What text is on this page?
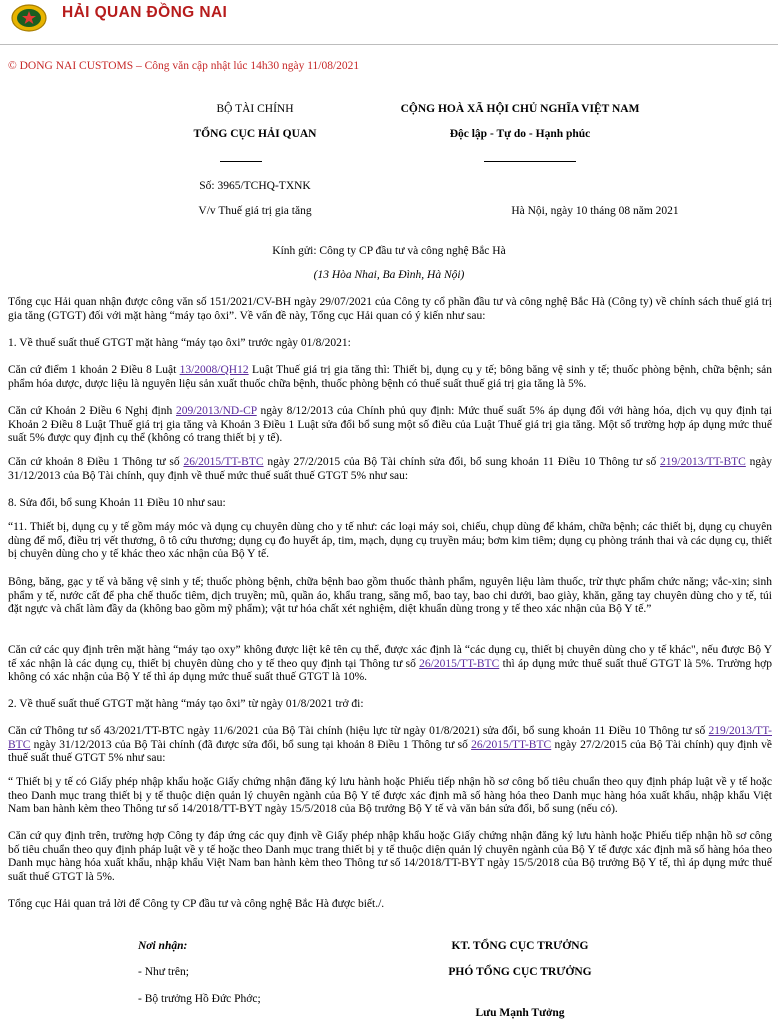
HẢI QUAN ĐỒNG NAI
© DONG NAI CUSTOMS – Công văn cập nhật lúc 14h30 ngày 11/08/2021
BỘ TÀI CHÍNH
TỔNG CỤC HẢI QUAN
Số: 3965/TCHQ-TXNK
V/v Thuế giá trị gia tăng
CỘNG HOÀ XÃ HỘI CHỦ NGHĨA VIỆT NAM
Độc lập - Tự do - Hạnh phúc
Hà Nội, ngày 10 tháng 08 năm 2021
Kính gửi: Công ty CP đầu tư và công nghệ Bắc Hà
(13 Hòa Nhai, Ba Đình, Hà Nội)
Tổng cục Hải quan nhận được công văn số 151/2021/CV-BH ngày 29/07/2021 của Công ty cổ phần đầu tư và công nghệ Bắc Hà (Công ty) về chính sách thuế giá trị gia tăng (GTGT) đối với mặt hàng “máy tạo ôxi”. Về vấn đề này, Tổng cục Hải quan có ý kiến như sau:
1. Về thuế suất thuế GTGT mặt hàng “máy tạo ôxi” trước ngày 01/8/2021:
Căn cứ điểm 1 khoản 2 Điều 8 Luật 13/2008/QH12 Luật Thuế giá trị gia tăng thì: Thiết bị, dụng cụ y tế; bông băng vệ sinh y tế; thuốc phòng bệnh, chữa bệnh; sản phẩm hóa dược, dược liệu là nguyên liệu sản xuất thuốc chữa bệnh, thuốc phòng bệnh có thuế suất thuế giá trị gia tăng là 5%.
Căn cứ Khoản 2 Điều 6 Nghị định 209/2013/ND-CP ngày 8/12/2013 của Chính phủ quy định: Mức thuế suất 5% áp dụng đối với hàng hóa, dịch vụ quy định tại Khoản 2 Điều 8 Luật Thuế giá trị gia tăng và Khoản 3 Điều 1 Luật sửa đổi bổ sung một số điều của Luật Thuế giá trị gia tăng. Một số trường hợp áp dụng mức thuế suất 5% được quy định cụ thể (không có trang thiết bị y tế).
Căn cứ khoản 8 Điều 1 Thông tư số 26/2015/TT-BTC ngày 27/2/2015 của Bộ Tài chính sửa đổi, bổ sung khoản 11 Điều 10 Thông tư số 219/2013/TT-BTC ngày 31/12/2013 của Bộ Tài chính, quy định về thuế mức thuế suất thuế GTGT 5% như sau:
8. Sửa đổi, bổ sung Khoản 11 Điều 10 như sau:
“11. Thiết bị, dụng cụ y tế gồm máy móc và dụng cụ chuyên dùng cho y tế như: các loại máy soi, chiếu, chụp dùng để khám, chữa bệnh; các thiết bị, dụng cụ chuyên dùng để mổ, điều trị vết thương, ô tô cứu thương; dụng cụ đo huyết áp, tim, mạch, dụng cụ truyền máu; bơm kim tiêm; dụng cụ phòng tránh thai và các dụng cụ, thiết bị chuyên dùng cho y tế khác theo xác nhận của Bộ Y tế.
Bông, băng, gạc y tế và băng vệ sinh y tế; thuốc phòng bệnh, chữa bệnh bao gồm thuốc thành phẩm, nguyên liệu làm thuốc, trừ thực phẩm chức năng; vắc-xin; sinh phẩm y tế, nước cất để pha chế thuốc tiêm, dịch truyền; mũ, quần áo, khẩu trang, săng mổ, bao tay, bao chi dưới, bao giày, khăn, găng tay chuyên dùng cho y tế, túi đặt ngực và chất làm đầy da (không bao gồm mỹ phẩm); vật tư hóa chất xét nghiệm, diệt khuẩn dùng trong y tế theo xác nhận của Bộ Y tế.”
Căn cứ các quy định trên mặt hàng “máy tạo oxy” không được liệt kê tên cụ thể, được xác định là “các dụng cụ, thiết bị chuyên dùng cho y tế khác", nếu được Bộ Y tế xác nhận là các dụng cụ, thiết bị chuyên dùng cho y tế theo quy định tại Thông tư số 26/2015/TT-BTC thì áp dụng mức thuế suất thuế GTGT là 5%. Trường hợp không có xác nhận của Bộ Y tế thì áp dụng mức thuế suất thuế GTGT là 10%.
2. Về thuế suất thuế GTGT mặt hàng “máy tạo ôxi” từ ngày 01/8/2021 trở đi:
Căn cứ Thông tư số 43/2021/TT-BTC ngày 11/6/2021 của Bộ Tài chính (hiệu lực từ ngày 01/8/2021) sửa đổi, bổ sung khoản 11 Điều 10 Thông tư số 219/2013/TT-BTC ngày 31/12/2013 của Bộ Tài chính (đã được sửa đổi, bổ sung tại khoản 8 Điều 1 Thông tư số 26/2015/TT-BTC ngày 27/2/2015 của Bộ Tài chính) quy định về thuế suất thuế GTGT 5% như sau:
“ Thiết bị y tế có Giấy phép nhập khẩu hoặc Giấy chứng nhận đăng ký lưu hành hoặc Phiếu tiếp nhận hồ sơ công bố tiêu chuẩn theo quy định pháp luật về y tế hoặc theo Danh mục trang thiết bị y tế thuộc diện quản lý chuyên ngành của Bộ Y tế được xác định mã số hàng hóa theo Danh mục hàng hóa xuất khẩu, nhập khẩu Việt Nam ban hành kèm theo Thông tư số 14/2018/TT-BYT ngày 15/5/2018 của Bộ trưởng Bộ Y tế và văn bản sửa đổi, bổ sung (nếu có).
Căn cứ quy định trên, trường hợp Công ty đáp ứng các quy định về Giấy phép nhập khẩu hoặc Giấy chứng nhận đăng ký lưu hành hoặc Phiếu tiếp nhận hồ sơ công bố tiêu chuẩn theo quy định pháp luật về y tế hoặc theo Danh mục trang thiết bị y tế thuộc diện quản lý chuyên ngành của Bộ Y tế được xác định mã số hàng hóa theo Danh mục hàng hóa xuất khẩu, nhập khẩu Việt Nam ban hành kèm theo Thông tư số 14/2018/TT-BYT ngày 15/5/2018 của Bộ trưởng Bộ Y tế, thì áp dụng mức thuế suất thuế GTGT là 5%.
Tổng cục Hải quan trả lời để Công ty CP đầu tư và công nghệ Bắc Hà được biết./.
Nơi nhận:
- Như trên;
- Bộ trưởng Hồ Đức Phớc;
KT. TỔNG CỤC TRƯỞNG
PHÓ TỔNG CỤC TRƯỞNG
Lưu Mạnh Tưởng
